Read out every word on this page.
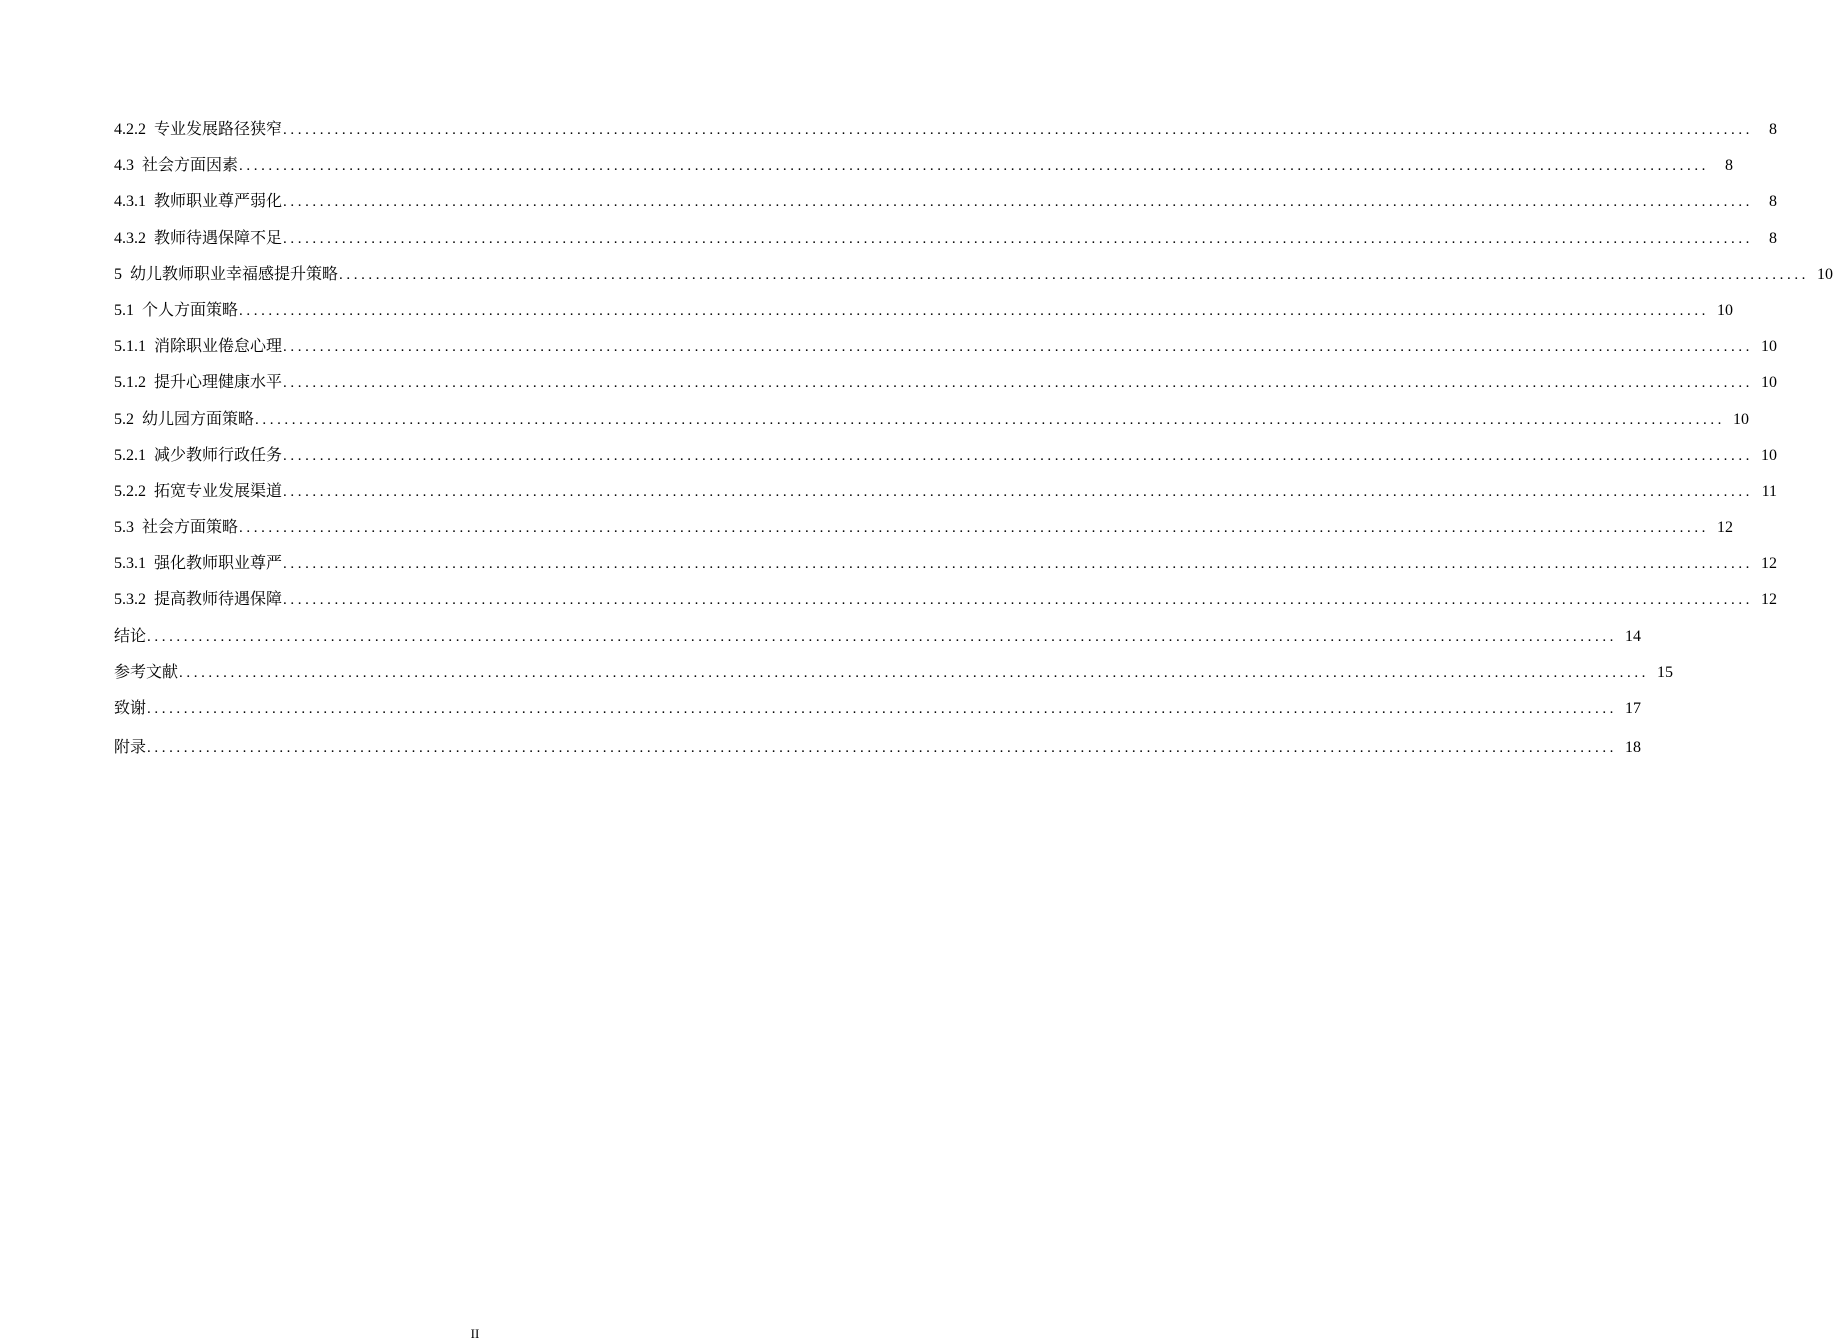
4.2.2  专业发展路径狭窄 ........................................................................................................................................................................................................	8
4.3  社会方面因素 ........................................................................................................................................................................................................	8
4.3.1  教师职业尊严弱化 ........................................................................................................................................................................................................	8
4.3.2  教师待遇保障不足 ........................................................................................................................................................................................................	8
5  幼儿教师职业幸福感提升策略 ........................................................................................................................................................................................................ 10
5.1  个人方面策略 ........................................................................................................................................................................................................ 10
5.1.1  消除职业倦怠心理 ........................................................................................................................................................................................................ 10
5.1.2  提升心理健康水平 ........................................................................................................................................................................................................ 10
5.2  幼儿园方面策略 ........................................................................................................................................................................................................ 10
5.2.1  减少教师行政任务 ........................................................................................................................................................................................................ 10
5.2.2  拓宽专业发展渠道 ........................................................................................................................................................................................................ 11
5.3  社会方面策略 ........................................................................................................................................................................................................ 12
5.3.1  强化教师职业尊严 ........................................................................................................................................................................................................ 12
5.3.2  提高教师待遇保障 ........................................................................................................................................................................................................ 12
结论 ........................................................................................................................................................................................................ 14
参考文献 ........................................................................................................................................................................................................ 15
致谢 ........................................................................................................................................................................................................ 17
附录 ........................................................................................................................................................................................................ 18
II
